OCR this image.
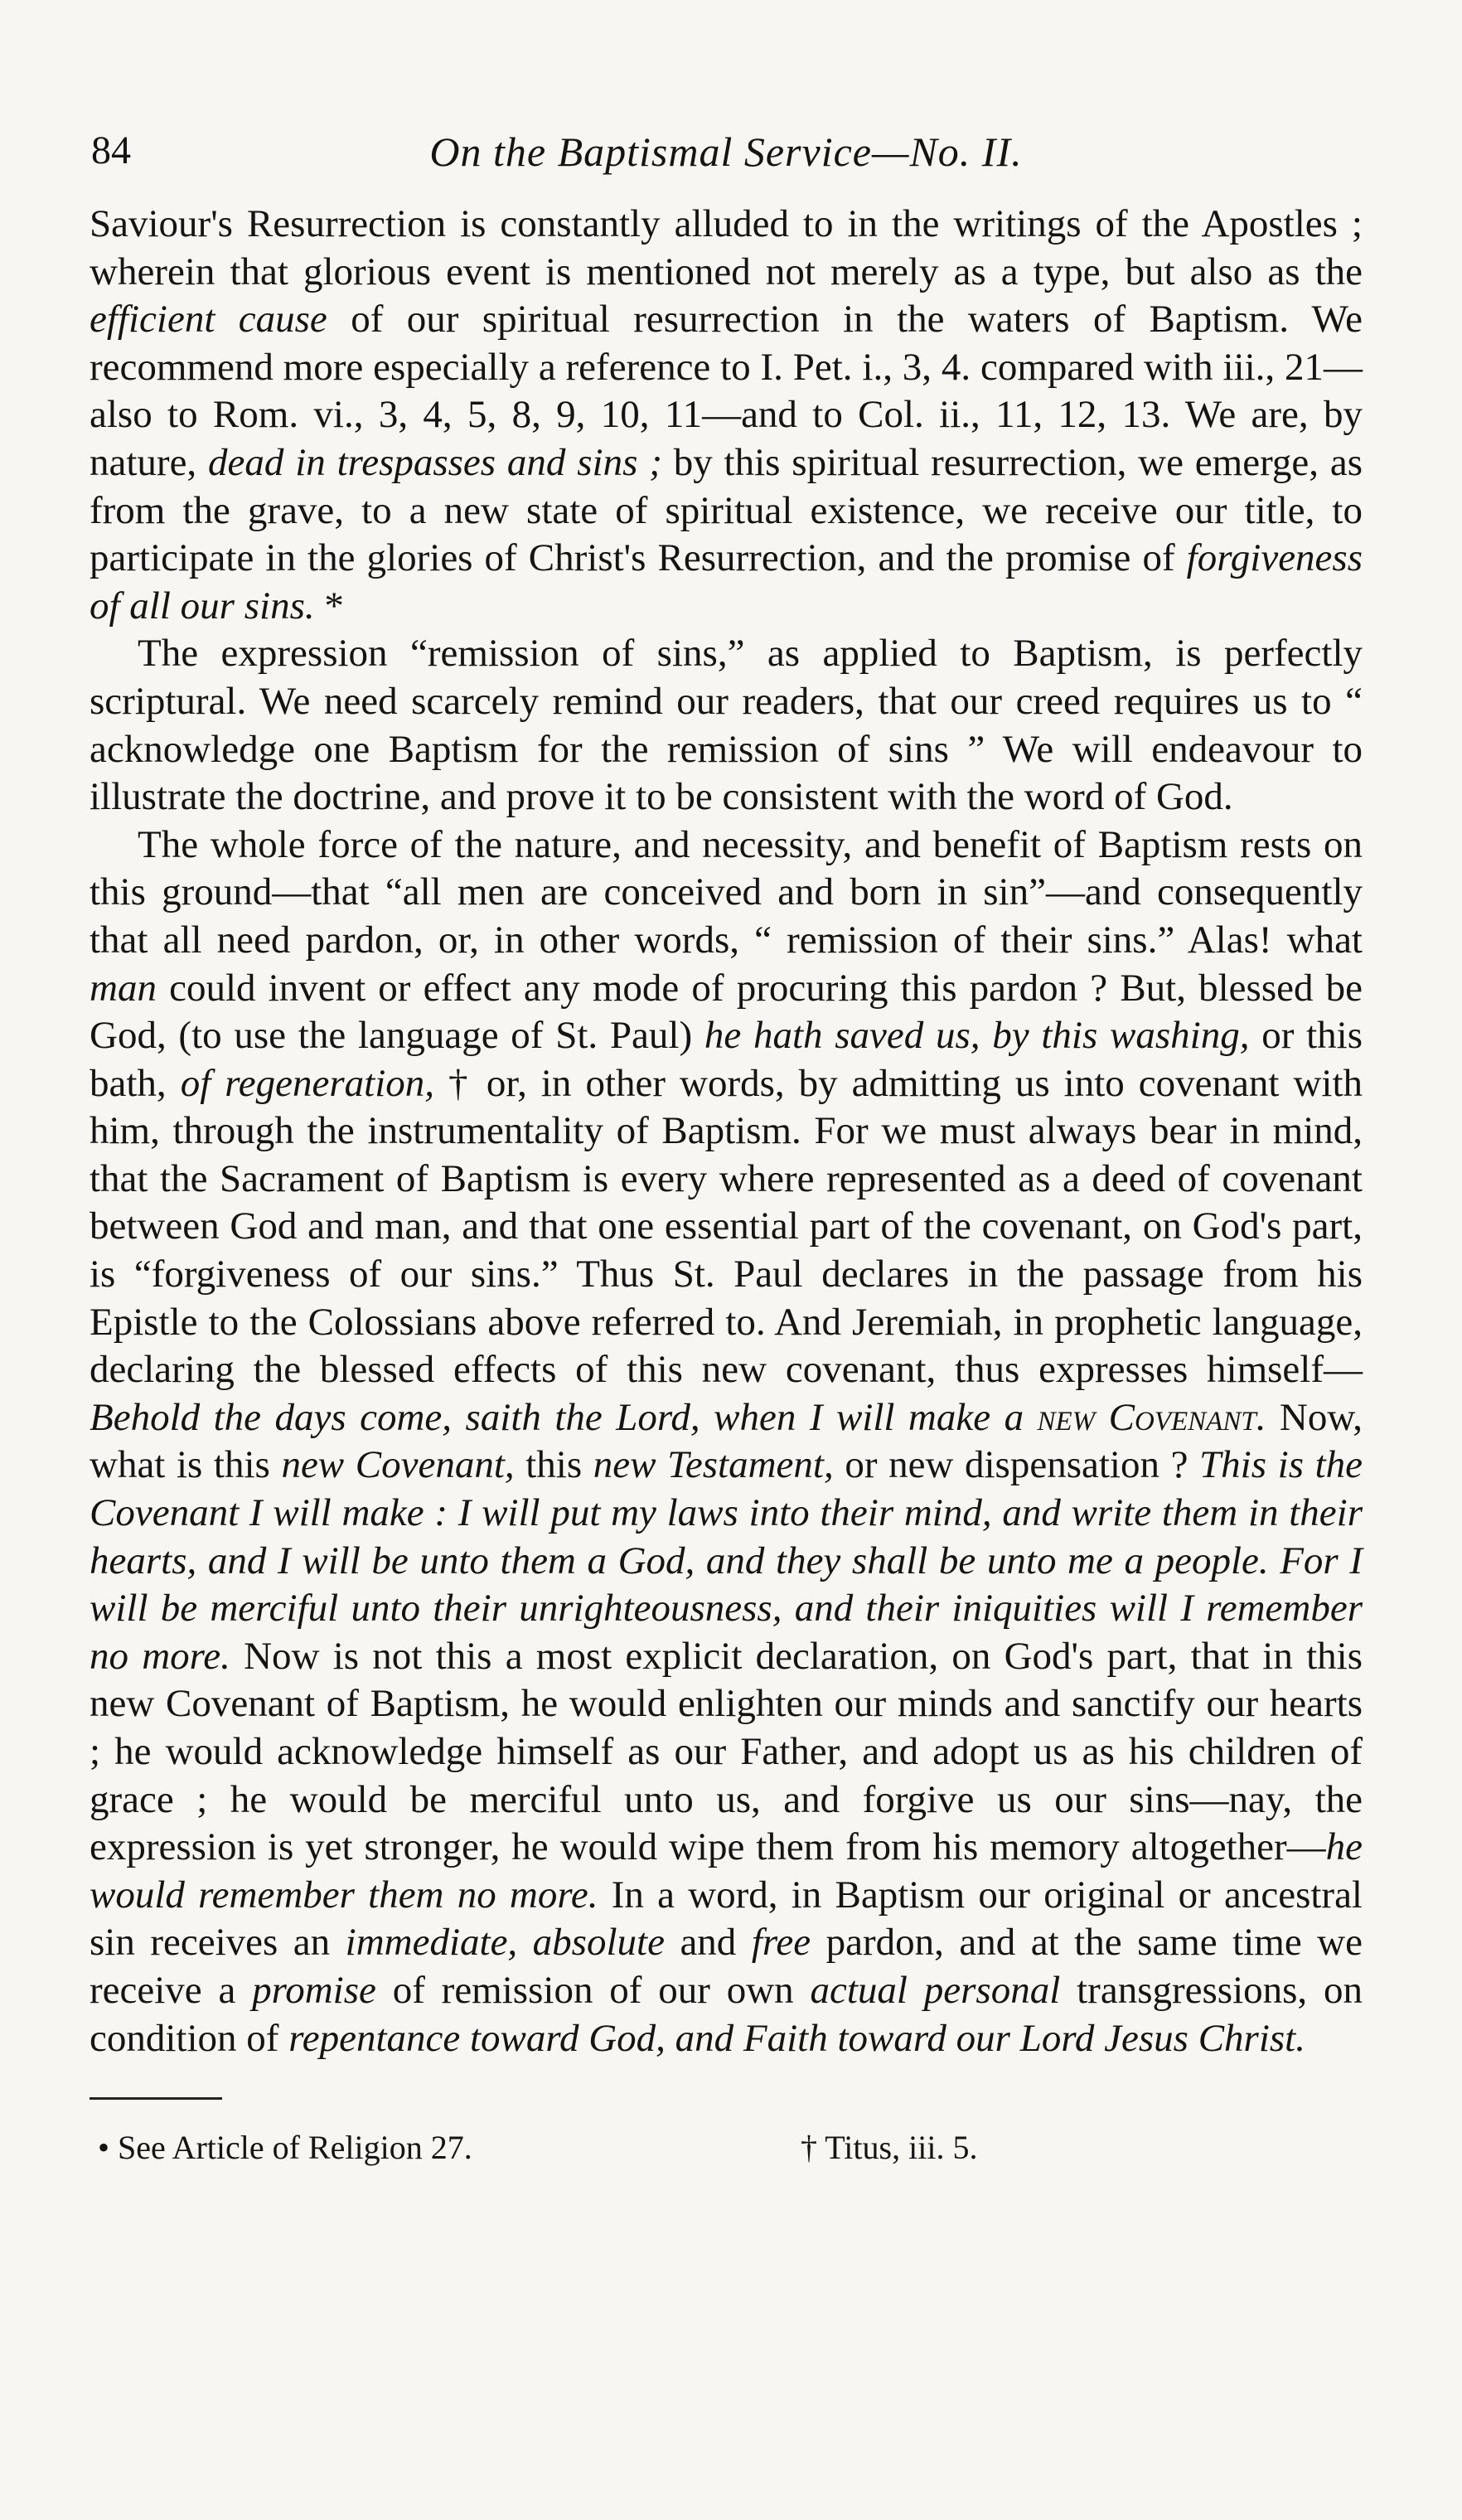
84	On the Baptismal Service—No. II.

Saviour's Resurrection is constantly alluded to in the writings of the Apostles ; wherein that glorious event is mentioned not merely as a type, but also as the efficient cause of our spiritual resurrection in the waters of Baptism. We recommend more especially a reference to I. Pet. i., 3, 4. compared with iii., 21—also to Rom. vi., 3, 4, 5, 8, 9, 10, 11—and to Col. ii., 11, 12, 13. We are, by nature, dead in trespasses and sins ; by this spiritual resurrection, we emerge, as from the grave, to a new state of spiritual existence, we receive our title, to participate in the glories of Christ's Resurrection, and the promise of forgiveness of all our sins. *

The expression “remission of sins,” as applied to Baptism, is perfectly scriptural. We need scarcely remind our readers, that our creed requires us to “ acknowledge one Baptism for the remission of sins ” We will endeavour to illustrate the doctrine, and prove it to be consistent with the word of God.

The whole force of the nature, and necessity, and benefit of Baptism rests on this ground—that “all men are conceived and born in sin”—and consequently that all need pardon, or, in other words, “ remission of their sins.” Alas! what man could invent or effect any mode of procuring this pardon ? But, blessed be God, (to use the language of St. Paul) he hath saved us, by this washing, or this bath, of regeneration, † or, in other words, by admitting us into covenant with him, through the instrumentality of Baptism. For we must always bear in mind, that the Sacrament of Baptism is every where represented as a deed of covenant between God and man, and that one essential part of the covenant, on God's part, is “forgiveness of our sins.” Thus St. Paul declares in the passage from his Epistle to the Colossians above referred to. And Jeremiah, in prophetic language, declaring the blessed effects of this new covenant, thus expresses himself—Behold the days come, saith the Lord, when I will make a new Covenant. Now, what is this new Covenant, this new Testament, or new dispensation ? This is the Covenant I will make : I will put my laws into their mind, and write them in their hearts, and I will be unto them a God, and they shall be unto me a people. For I will be merciful unto their unrighteousness, and their iniquities will I remember no more. Now is not this a most explicit declaration, on God's part, that in this new Covenant of Baptism, he would enlighten our minds and sanctify our hearts ; he would acknowledge himself as our Father, and adopt us as his children of grace ; he would be merciful unto us, and forgive us our sins—nay, the expression is yet stronger, he would wipe them from his memory altogether—he would remember them no more. In a word, in Baptism our original or ancestral sin receives an immediate, absolute and free pardon, and at the same time we receive a promise of remission of our own actual personal transgressions, on condition of repentance toward God, and Faith toward our Lord Jesus Christ.

• See Article of Religion 27.	† Titus, iii. 5.
